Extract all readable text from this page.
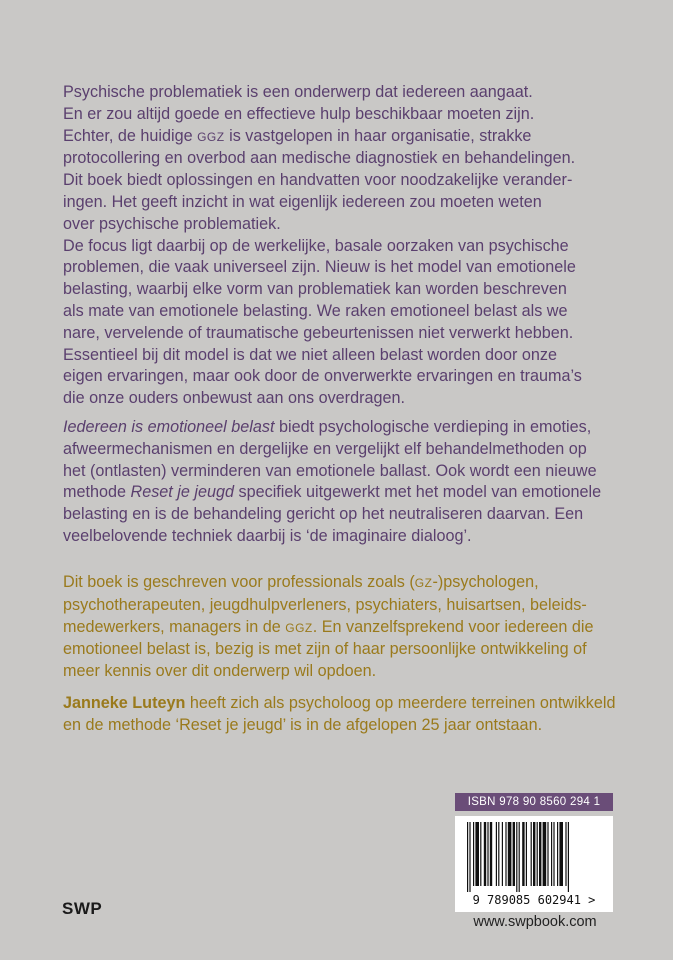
Psychische problematiek is een onderwerp dat iedereen aangaat.
En er zou altijd goede en effectieve hulp beschikbaar moeten zijn.
Echter, de huidige GGZ is vastgelopen in haar organisatie, strakke
protocollering en overbod aan medische diagnostiek en behandelingen.
Dit boek biedt oplossingen en handvatten voor noodzakelijke verander-
ingen. Het geeft inzicht in wat eigenlijk iedereen zou moeten weten
over psychische problematiek.
De focus ligt daarbij op de werkelijke, basale oorzaken van psychische
problemen, die vaak universeel zijn. Nieuw is het model van emotionele
belasting, waarbij elke vorm van problematiek kan worden beschreven
als mate van emotionele belasting. We raken emotioneel belast als we
nare, vervelende of traumatische gebeurtenissen niet verwerkt hebben.
Essentieel bij dit model is dat we niet alleen belast worden door onze
eigen ervaringen, maar ook door de onverwerkte ervaringen en trauma’s
die onze ouders onbewust aan ons overdragen.

Iedereen is emotioneel belast biedt psychologische verdieping in emoties,
afweermechanismen en dergelijke en vergelijkt elf behandelmethoden op
het (ontlasten) verminderen van emotionele ballast. Ook wordt een nieuwe
methode Reset je jeugd specifiek uitgewerkt met het model van emotionele
belasting en is de behandeling gericht op het neutraliseren daarvan. Een
veelbelovende techniek daarbij is ‘de imaginaire dialoog’.

Dit boek is geschreven voor professionals zoals (GZ-)psychologen,
psychotherapeuten, jeugdhulpverleners, psychiaters, huisartsen, beleids-
medewerkers, managers in de GGZ. En vanzelfsprekend voor iedereen die
emotioneel belast is, bezig is met zijn of haar persoonlijke ontwikkeling of
meer kennis over dit onderwerp wil opdoen.

Janneke Luteyn heeft zich als psycholoog op meerdere terreinen ontwikkeld
en de methode ‘Reset je jeugd’ is in de afgelopen 25 jaar ontstaan.

ISBN 978 90 8560 294 1
9 789085 602941 >
www.swpbook.com
SWP
